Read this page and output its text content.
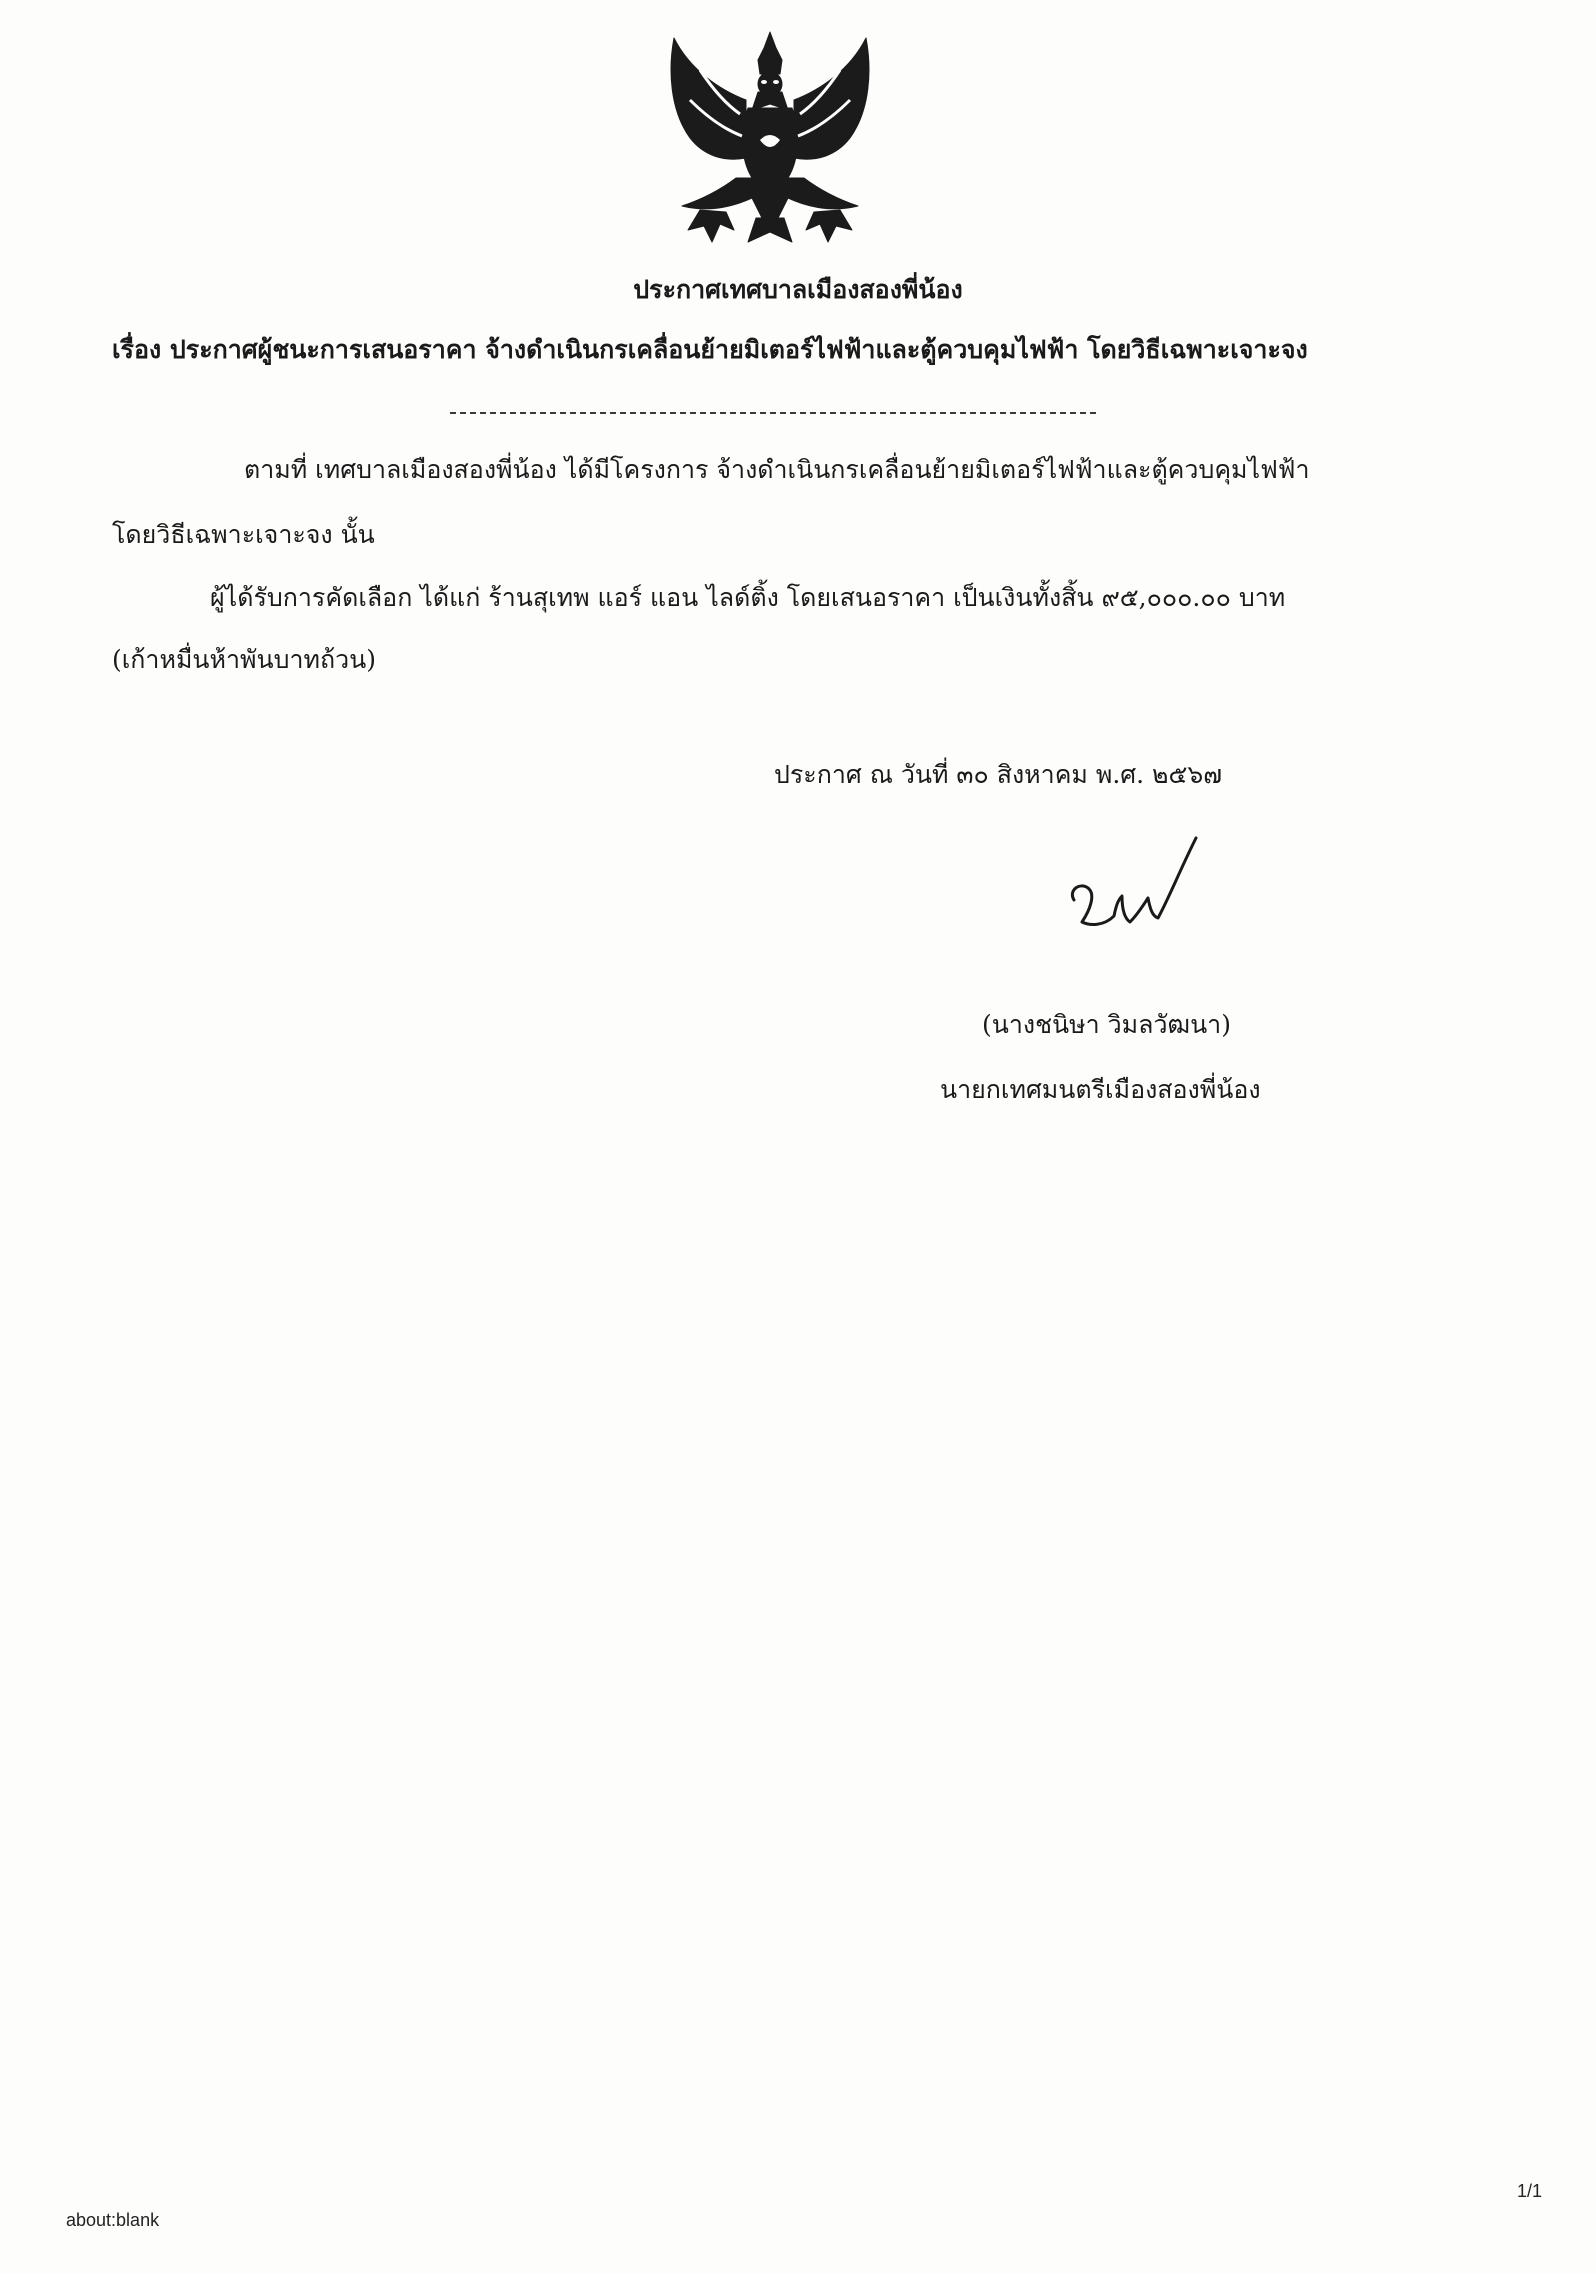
ประกาศเทศบาลเมืองสองพี่น้อง
เรื่อง ประกาศผู้ชนะการเสนอราคา จ้างดำเนินกรเคลื่อนย้ายมิเตอร์ไฟฟ้าและตู้ควบคุมไฟฟ้า โดยวิธีเฉพาะเจาะจง
ตามที่ เทศบาลเมืองสองพี่น้อง ได้มีโครงการ จ้างดำเนินกรเคลื่อนย้ายมิเตอร์ไฟฟ้าและตู้ควบคุมไฟฟ้า
โดยวิธีเฉพาะเจาะจง นั้น
ผู้ได้รับการคัดเลือก ได้แก่ ร้านสุเทพ แอร์ แอน ไลด์ติ้ง โดยเสนอราคา เป็นเงินทั้งสิ้น ๙๕,๐๐๐.๐๐ บาท
(เก้าหมื่นห้าพันบาทถ้วน)
ประกาศ ณ วันที่ ๓๐ สิงหาคม พ.ศ. ๒๕๖๗
(นางชนิษา วิมลวัฒนา)
นายกเทศมนตรีเมืองสองพี่น้อง
about:blank
1/1
